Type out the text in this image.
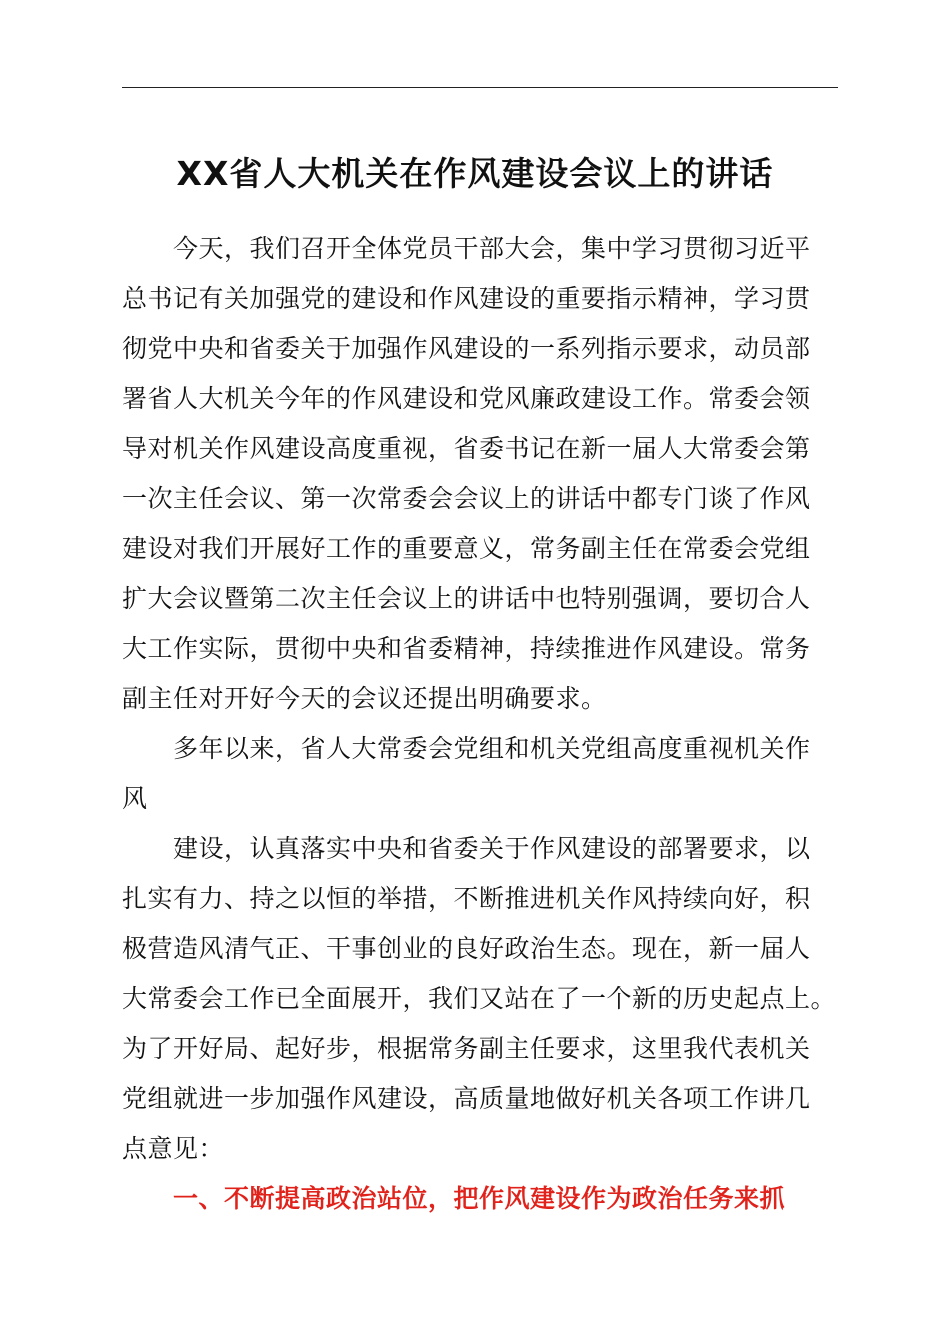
XX省人大机关在作风建设会议上的讲话
今天，我们召开全体党员干部大会，集中学习贯彻习近平
总书记有关加强党的建设和作风建设的重要指示精神，学习贯
彻党中央和省委关于加强作风建设的一系列指示要求，动员部
署省人大机关今年的作风建设和党风廉政建设工作。常委会领
导对机关作风建设高度重视，省委书记在新一届人大常委会第
一次主任会议、第一次常委会会议上的讲话中都专门谈了作风
建设对我们开展好工作的重要意义，常务副主任在常委会党组
扩大会议暨第二次主任会议上的讲话中也特别强调，要切合人
大工作实际，贯彻中央和省委精神，持续推进作风建设。常务
副主任对开好今天的会议还提出明确要求。
多年以来，省人大常委会党组和机关党组高度重视机关作
风
建设，认真落实中央和省委关于作风建设的部署要求，以
扎实有力、持之以恒的举措，不断推进机关作风持续向好，积
极营造风清气正、干事创业的良好政治生态。现在，新一届人
大常委会工作已全面展开，我们又站在了一个新的历史起点上。
为了开好局、起好步，根据常务副主任要求，这里我代表机关
党组就进一步加强作风建设，高质量地做好机关各项工作讲几
点意见：
一、不断提高政治站位，把作风建设作为政治任务来抓
